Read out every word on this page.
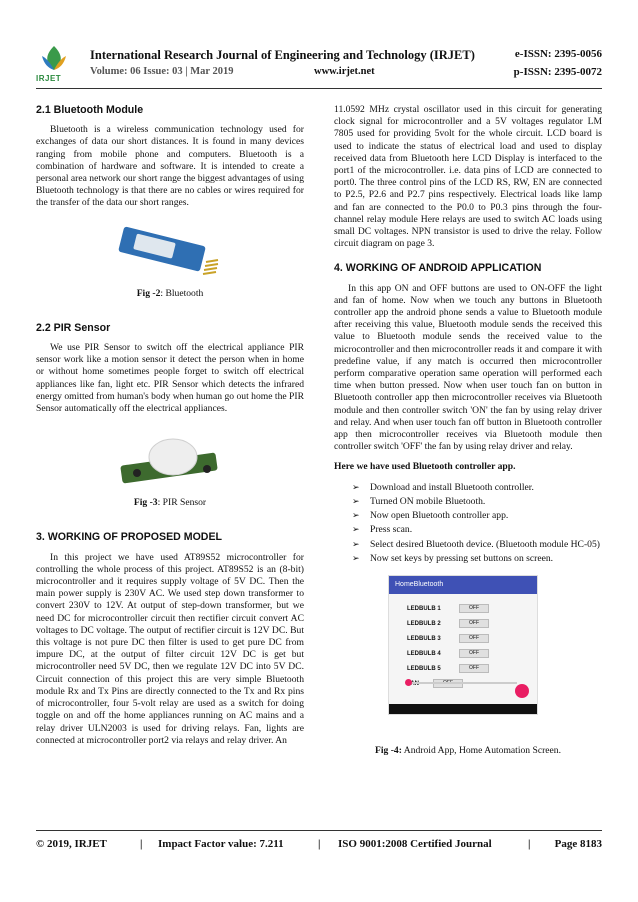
IRJET
International Research Journal of Engineering and Technology (IRJET)	e-ISSN: 2395-0056
Volume: 06 Issue: 03 | Mar 2019	www.irjet.net	p-ISSN: 2395-0072
2.1 Bluetooth Module

Bluetooth is a wireless communication technology used for exchanges of data our short distances. It is found in many devices ranging from mobile phone and computers. Bluetooth is a combination of hardware and software. It is intended to create a personal area network our short range the biggest advantages of using Bluetooth technology is that there are no cables or wires required for the transfer of the data our short ranges.

Fig -2: Bluetooth
2.2 PIR Sensor

We use PIR Sensor to switch off the electrical appliance PIR sensor work like a motion sensor it detect the person when in home or without home sometimes people forget to switch off electrical appliances like fan, light etc. PIR Sensor which detects the infrared energy omitted from human's body when human go out home the PIR Sensor automatically off the electrical appliances.

Fig -3: PIR Sensor
3. WORKING OF PROPOSED MODEL

In this project we have used AT89S52 microcontroller for controlling the whole process of this project. AT89S52 is an (8-bit) microcontroller and it requires supply voltage of 5V DC. Then the main power supply is 230V AC. We used step down transformer to convert 230V to 12V. At output of step-down transformer, but we need DC for microcontroller circuit then rectifier circuit convert AC voltages to DC voltage. The output of rectifier circuit is 12V DC. But this voltage is not pure DC then filter is used to get pure DC from impure DC, at the output of filter circuit 12V DC is get but microcontroller need 5V DC, then we regulate 12V DC into 5V DC. Circuit connection of this project this are very simple Bluetooth module Rx and Tx Pins are directly connected to the Tx and Rx pins of microcontroller, four 5-volt relay are used as a switch for doing toggle on and off the home appliances running on AC mains and a relay driver ULN2003 is used for driving relays. Fan, lights are connected at microcontroller port2 via relays and relay driver. An

11.0592 MHz crystal oscillator used in this circuit for generating clock signal for microcontroller and a 5V voltages regulator LM 7805 used for providing 5volt for the whole circuit. LCD board is used to indicate the status of electrical load and used to display received data from Bluetooth here LCD Display is interfaced to the port1 of the microcontroller. i.e. data pins of LCD are connected to port0. The three control pins of the LCD RS, RW, EN are connected to P2.5, P2.6 and P2.7 pins respectively. Electrical loads like lamp and fan are connected to the P0.0 to P0.3 pins through the four-channel relay module Here relays are used to switch AC loads using small DC voltages. NPN transistor is used to drive the relay. Follow circuit diagram on page 3.

4. WORKING OF ANDROID APPLICATION

In this app ON and OFF buttons are used to ON-OFF the light and fan of home. Now when we touch any buttons in Bluetooth controller app the android phone sends a value to Bluetooth module after receiving this value, Bluetooth module sends the received this value to Bluetooth module sends the received value to the microcontroller and then microcontroller reads it and compare it with predefine value, if any match is occurred then microcontroller perform comparative operation same operation will performed each time when button pressed. Now when user touch fan on button in Bluetooth controller app then microcontroller receives via Bluetooth module and then controller switch 'ON' the fan by using relay driver and relay. And when user touch fan off button in Bluetooth controller app then microcontroller receives via Bluetooth module then controller switch 'OFF' the fan by using relay driver and relay.

Here we have used Bluetooth controller app.
➢ Download and install Bluetooth controller.
➢ Turned ON mobile Bluetooth.
➢ Now open Bluetooth controller app.
➢ Press scan.
➢ Select desired Bluetooth device. (Bluetooth module HC-05)
➢ Now set keys by pressing set buttons on screen.
HomeBluetooth
LEDBULB 1	OFF
LEDBULB 2	OFF
LEDBULB 3	OFF
LEDBULB 4	OFF
LEDBULB 5	OFF
Fig -4: Android App, Home Automation Screen.
© 2019, IRJET	| Impact Factor value: 7.211	| ISO 9001:2008 Certified Journal	| Page 8183
